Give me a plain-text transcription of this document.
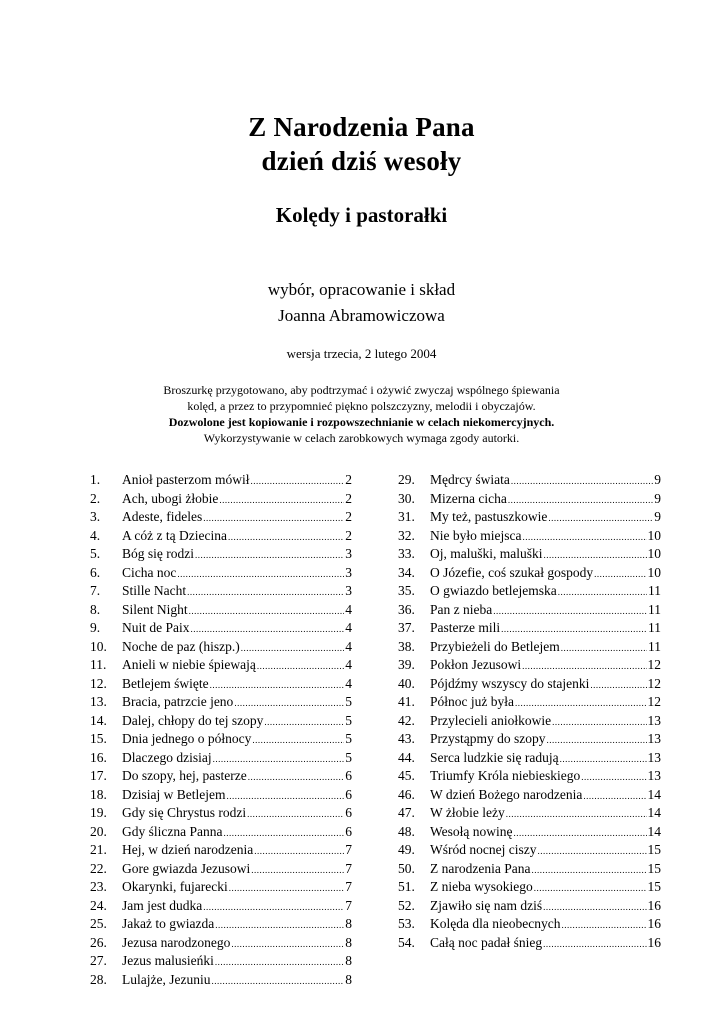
Z Narodzenia Pana
dzień dziś wesoły
Kolędy i pastorałki
wybór, opracowanie i skład
Joanna Abramowiczowa
wersja trzecia, 2 lutego 2004
Broszurkę przygotowano, aby podtrzymać i ożywić zwyczaj wspólnego śpiewania
kolęd, a przez to przypomnieć piękno polszczyzny, melodii i obyczajów.
Dozwolone jest kopiowanie i rozpowszechnianie w celach niekomercyjnych.
Wykorzystywanie w celach zarobkowych wymaga zgody autorki.
1.	Anioł pasterzom mówił .....	2
2.	Ach, ubogi żłobie .....	2
3.	Adeste, fideles .....	2
4.	A cóż z tą Dziecina .....	2
5.	Bóg się rodzi .....	3
6.	Cicha noc .....	3
7.	Stille Nacht .....	3
8.	Silent Night .....	4
9.	Nuit de Paix .....	4
10.	Noche de paz (hiszp.) .....	4
11.	Anieli w niebie śpiewają .....	4
12.	Betlejem święte .....	4
13.	Bracia, patrzcie jeno .....	5
14.	Dalej, chłopy do tej szopy .....	5
15.	Dnia jednego o północy .....	5
16.	Dlaczego dzisiaj .....	5
17.	Do szopy, hej, pasterze .....	6
18.	Dzisiaj w Betlejem .....	6
19.	Gdy się Chrystus rodzi .....	6
20.	Gdy śliczna Panna .....	6
21.	Hej, w dzień narodzenia .....	7
22.	Gore gwiazda Jezusowi .....	7
23.	Okarynki, fujarecki .....	7
24.	Jam jest dudka .....	7
25.	Jakaż to gwiazda .....	8
26.	Jezusa narodzonego .....	8
27.	Jezus malusieńki .....	8
28.	Lulajże, Jezuniu .....	8
29.	Mędrcy świata .....	9
30.	Mizerna cicha .....	9
31.	My też, pastuszkowie .....	9
32.	Nie było miejsca .....	10
33.	Oj, maluški, maluški .....	10
34.	O Józefie, coś szukał gospody .....	10
35.	O gwiazdo betlejemska .....	11
36.	Pan z nieba .....	11
37.	Pasterze mili .....	11
38.	Przybieżeli do Betlejem .....	11
39.	Pokłon Jezusowi .....	12
40.	Pójdźmy wszyscy do stajenki .....	12
41.	Północ już była .....	12
42.	Przylecieli aniołkowie .....	13
43.	Przystąpmy do szopy .....	13
44.	Serca ludzkie się radują .....	13
45.	Triumfy Króla niebieskiego .....	13
46.	W dzień Bożego narodzenia .....	14
47.	W żłobie leży .....	14
48.	Wesołą nowinę .....	14
49.	Wśród nocnej ciszy .....	15
50.	Z narodzenia Pana .....	15
51.	Z nieba wysokiego .....	15
52.	Zjawiło się nam dziś .....	16
53.	Kolęda dla nieobecnych .....	16
54.	Całą noc padał śnieg .....	16
